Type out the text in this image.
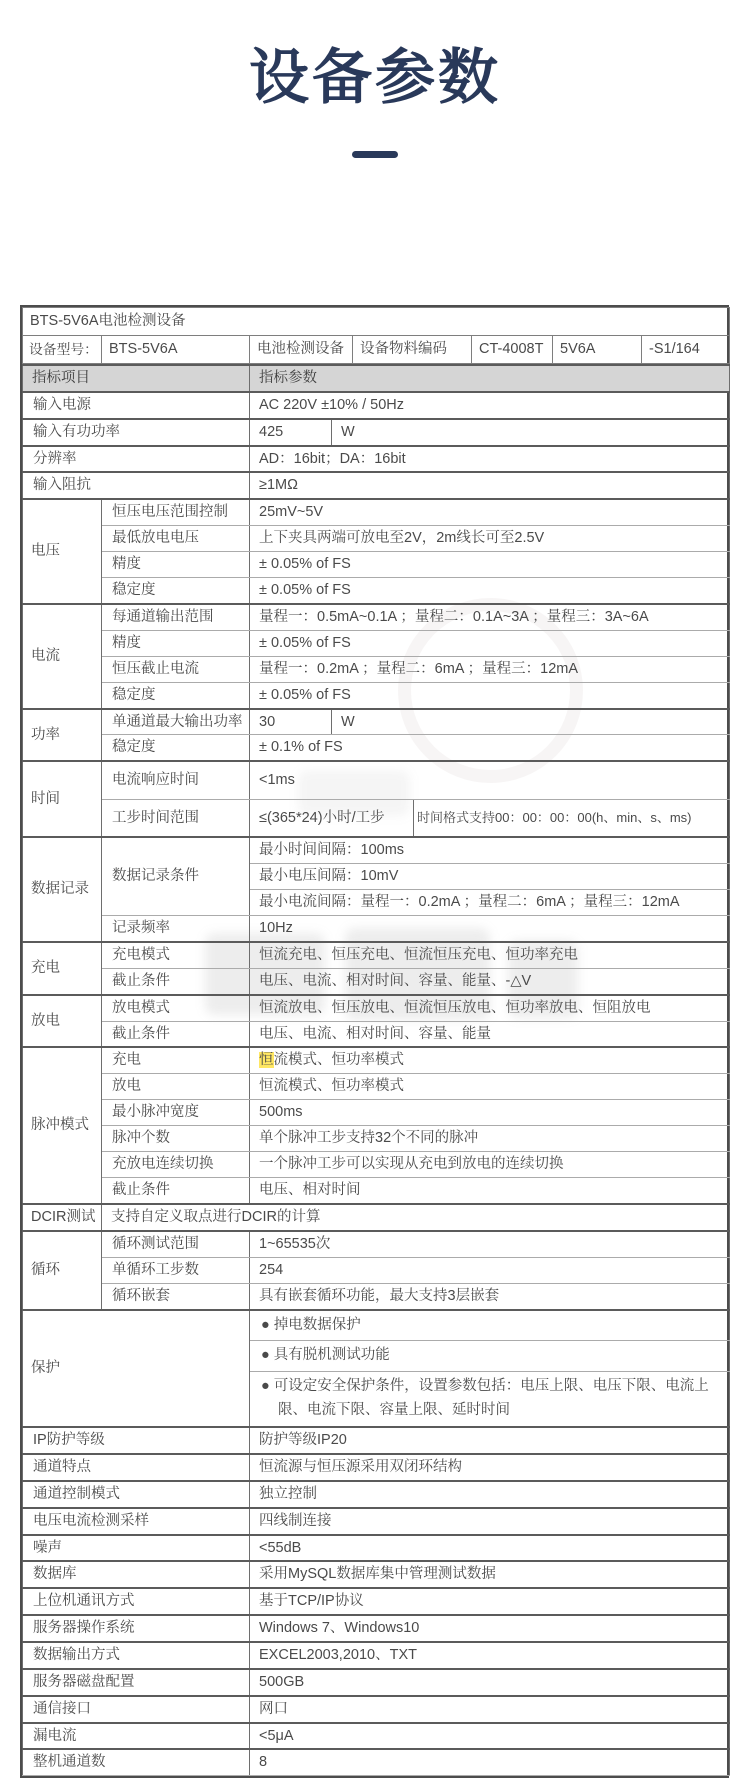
设备参数
BTS-5V6A电池检测设备
设备型号：	BTS-5V6A	电池检测设备	设备物料编码	CT-4008T	5V6A	-S1/164
指标项目		指标参数		
输入电源		AC 220V ±10% / 50Hz		
输入有功功率		425	W	
分辨率		AD：16bit；DA：16bit		
输入阻抗		≥1MΩ		
电压	恒压电压范围控制	25mV~5V		
	最低放电电压	上下夹具两端可放电至2V，2m线长可至2.5V		
	精度	± 0.05% of FS		
	稳定度	± 0.05% of FS		
电流	每通道输出范围	量程一：0.5mA~0.1A ；量程二：0.1A~3A ；量程三：3A~6A		
	精度	± 0.05% of FS		
	恒压截止电流	量程一：0.2mA ；量程二：6mA ；量程三：12mA		
	稳定度	± 0.05% of FS		
功率	单通道最大输出功率	30	W	
	稳定度	± 0.1% of FS		
时间	电流响应时间	<1ms		
	工步时间范围	≤(365*24)小时/工步		时间格式支持00：00：00：00(h、min、s、ms)
数据记录	数据记录条件	最小时间间隔：100ms		
		最小电压间隔：10mV		
		最小电流间隔：量程一：0.2mA ；量程二：6mA ；量程三：12mA		
	记录频率	10Hz		
充电	充电模式	恒流充电、恒压充电、恒流恒压充电、恒功率充电		
	截止条件	电压、电流、相对时间、容量、能量、-△V		
放电	放电模式	恒流放电、恒压放电、恒流恒压放电、恒功率放电、恒阻放电		
	截止条件	电压、电流、相对时间、容量、能量		
脉冲模式	充电	恒流模式、恒功率模式		
	放电	恒流模式、恒功率模式		
	最小脉冲宽度	500ms		
	脉冲个数	单个脉冲工步支持32个不同的脉冲		
	充放电连续切换	一个脉冲工步可以实现从充电到放电的连续切换		
	截止条件	电压、相对时间		
DCIR测试	支持自定义取点进行DCIR的计算			
循环	循环测试范围	1~65535次		
	单循环工步数	254		
	循环嵌套	具有嵌套循环功能，最大支持3层嵌套		
保护		● 掉电数据保护		
		● 具有脱机测试功能		
		● 可设定安全保护条件，设置参数包括：电压上限、电压下限、电流上限、电流下限、容量上限、延时时间		
IP防护等级		防护等级IP20		
通道特点		恒流源与恒压源采用双闭环结构		
通道控制模式		独立控制		
电压电流检测采样		四线制连接		
噪声		<55dB		
数据库		采用MySQL数据库集中管理测试数据		
上位机通讯方式		基于TCP/IP协议		
服务器操作系统		Windows 7、Windows10		
数据输出方式		EXCEL2003,2010、TXT		
服务器磁盘配置		500GB		
通信接口		网口		
漏电流		<5μA		
整机通道数		8		
